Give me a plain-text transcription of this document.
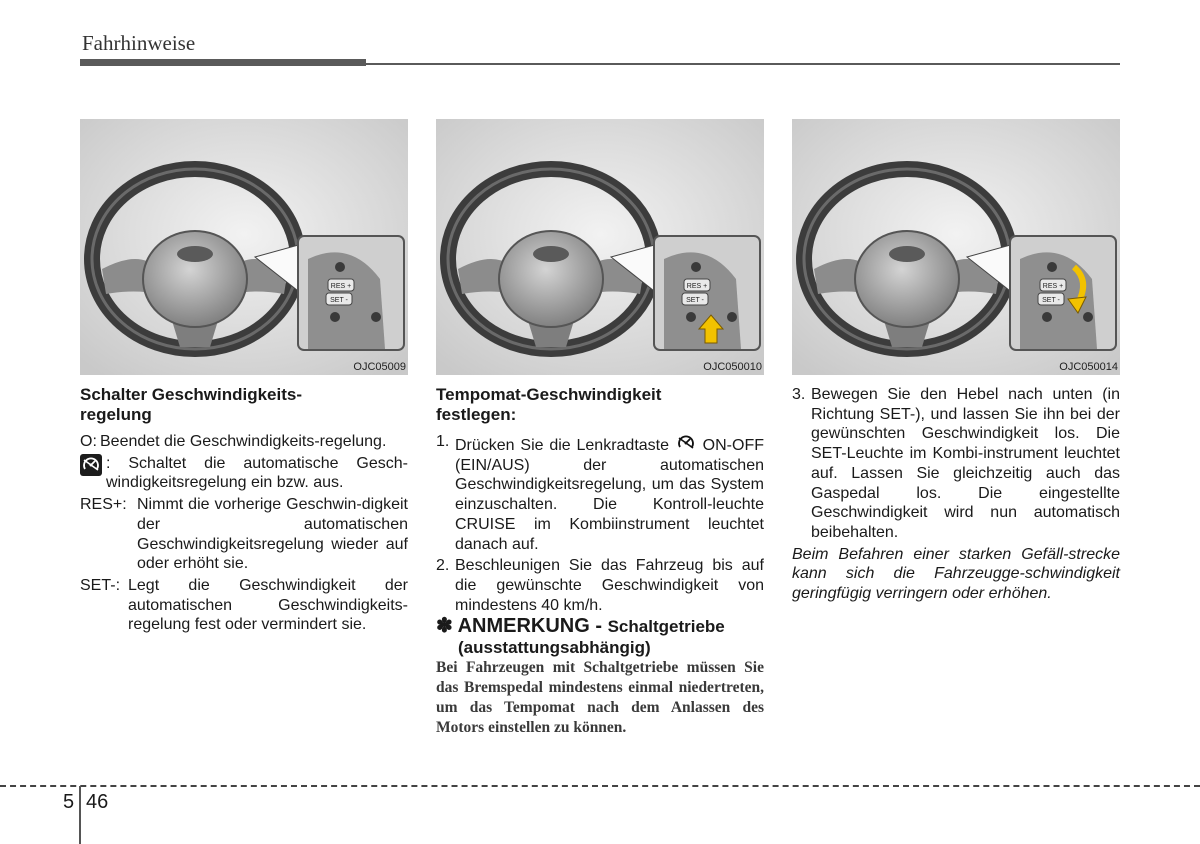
Fahrhinweise
RES +
SET -
OJC05009
RES +
SET -
OJC050010
RES +
SET -
OJC050014

Schalter Geschwindigkeits-
regelung

O: Beendet die Geschwindigkeits-regelung.
: Schaltet die automatische Gesch-windigkeitsregelung ein bzw. aus.
RES+: Nimmt die vorherige Geschwin-digkeit der automatischen Geschwindigkeitsregelung wieder auf oder erhöht sie.
SET-: Legt die Geschwindigkeit der automatischen Geschwindigkeits-regelung fest oder vermindert sie.

Tempomat-Geschwindigkeit
festlegen:

1. Drücken Sie die Lenkradtaste ON-OFF (EIN/AUS) der automatischen Geschwindigkeitsregelung, um das System einzuschalten. Die Kontroll-leuchte CRUISE im Kombiinstrument leuchtet danach auf.
2. Beschleunigen Sie das Fahrzeug bis auf die gewünschte Geschwindigkeit von mindestens 40 km/h.

✽ ANMERKUNG - Schaltgetriebe

(ausstattungsabhängig)

Bei Fahrzeugen mit Schaltgetriebe müssen Sie das Bremspedal mindestens einmal niedertreten, um das Tempomat nach dem Anlassen des Motors einstellen zu können.

3. Bewegen Sie den Hebel nach unten (in Richtung SET-), und lassen Sie ihn bei der gewünschten Geschwindigkeit los. Die SET-Leuchte im Kombi-instrument leuchtet auf. Lassen Sie gleichzeitig auch das Gaspedal los. Die eingestellte Geschwindigkeit wird nun automatisch beibehalten.

Beim Befahren einer starken Gefäll-strecke kann sich die Fahrzeugge-schwindigkeit geringfügig verringern oder erhöhen.

5 46
